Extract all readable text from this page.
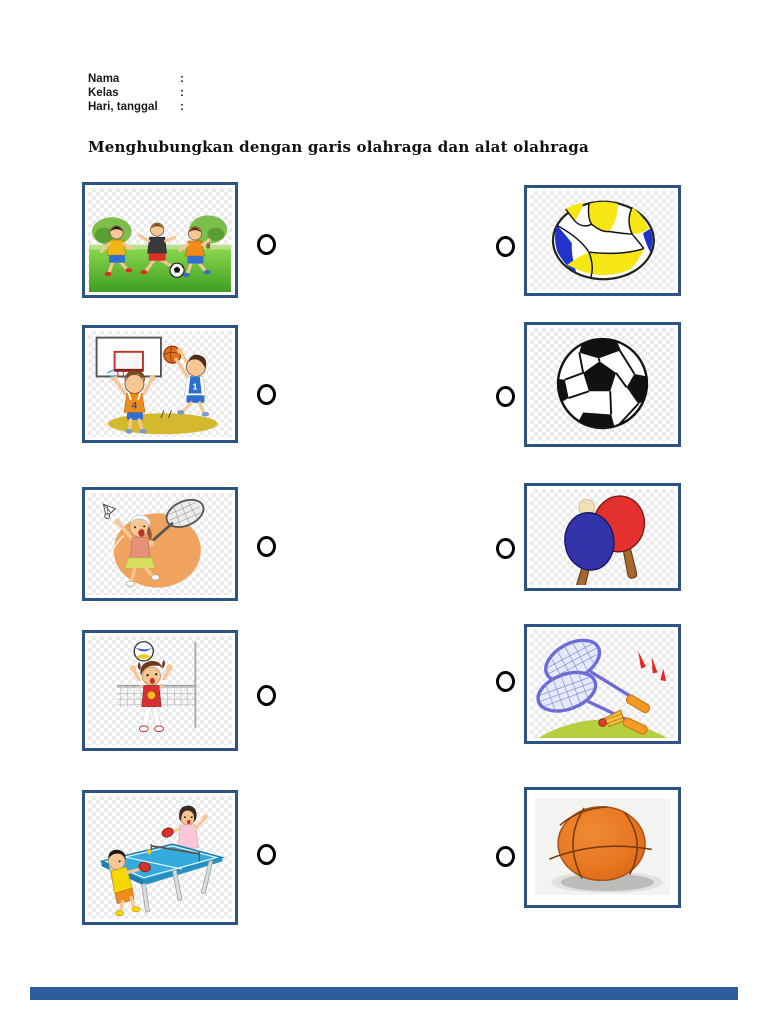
Nama	:
Kelas	:
Hari, tanggal	:
Menghubungkan dengan garis olahraga dan alat olahraga
4
1
